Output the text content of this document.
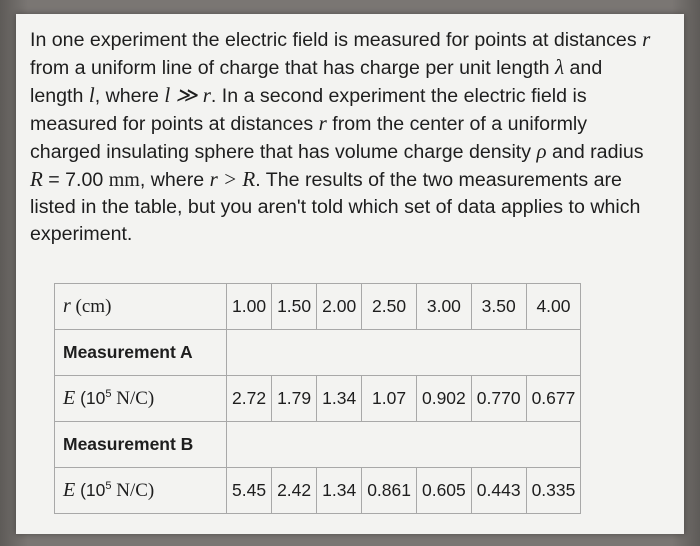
In one experiment the electric field is measured for points at distances r from a uniform line of charge that has charge per unit length λ and length l, where l ≫ r. In a second experiment the electric field is measured for points at distances r from the center of a uniformly charged insulating sphere that has volume charge density ρ and radius R = 7.00 mm, where r > R. The results of the two measurements are listed in the table, but you aren't told which set of data applies to which experiment.

r (cm)	1.00	1.50	2.00	2.50	3.00	3.50	4.00
Measurement A							
E ($10^5$ N/C)	2.72	1.79	1.34	1.07	0.902	0.770	0.677
Measurement B							
E ($10^5$ N/C)	5.45	2.42	1.34	0.861	0.605	0.443	0.335
